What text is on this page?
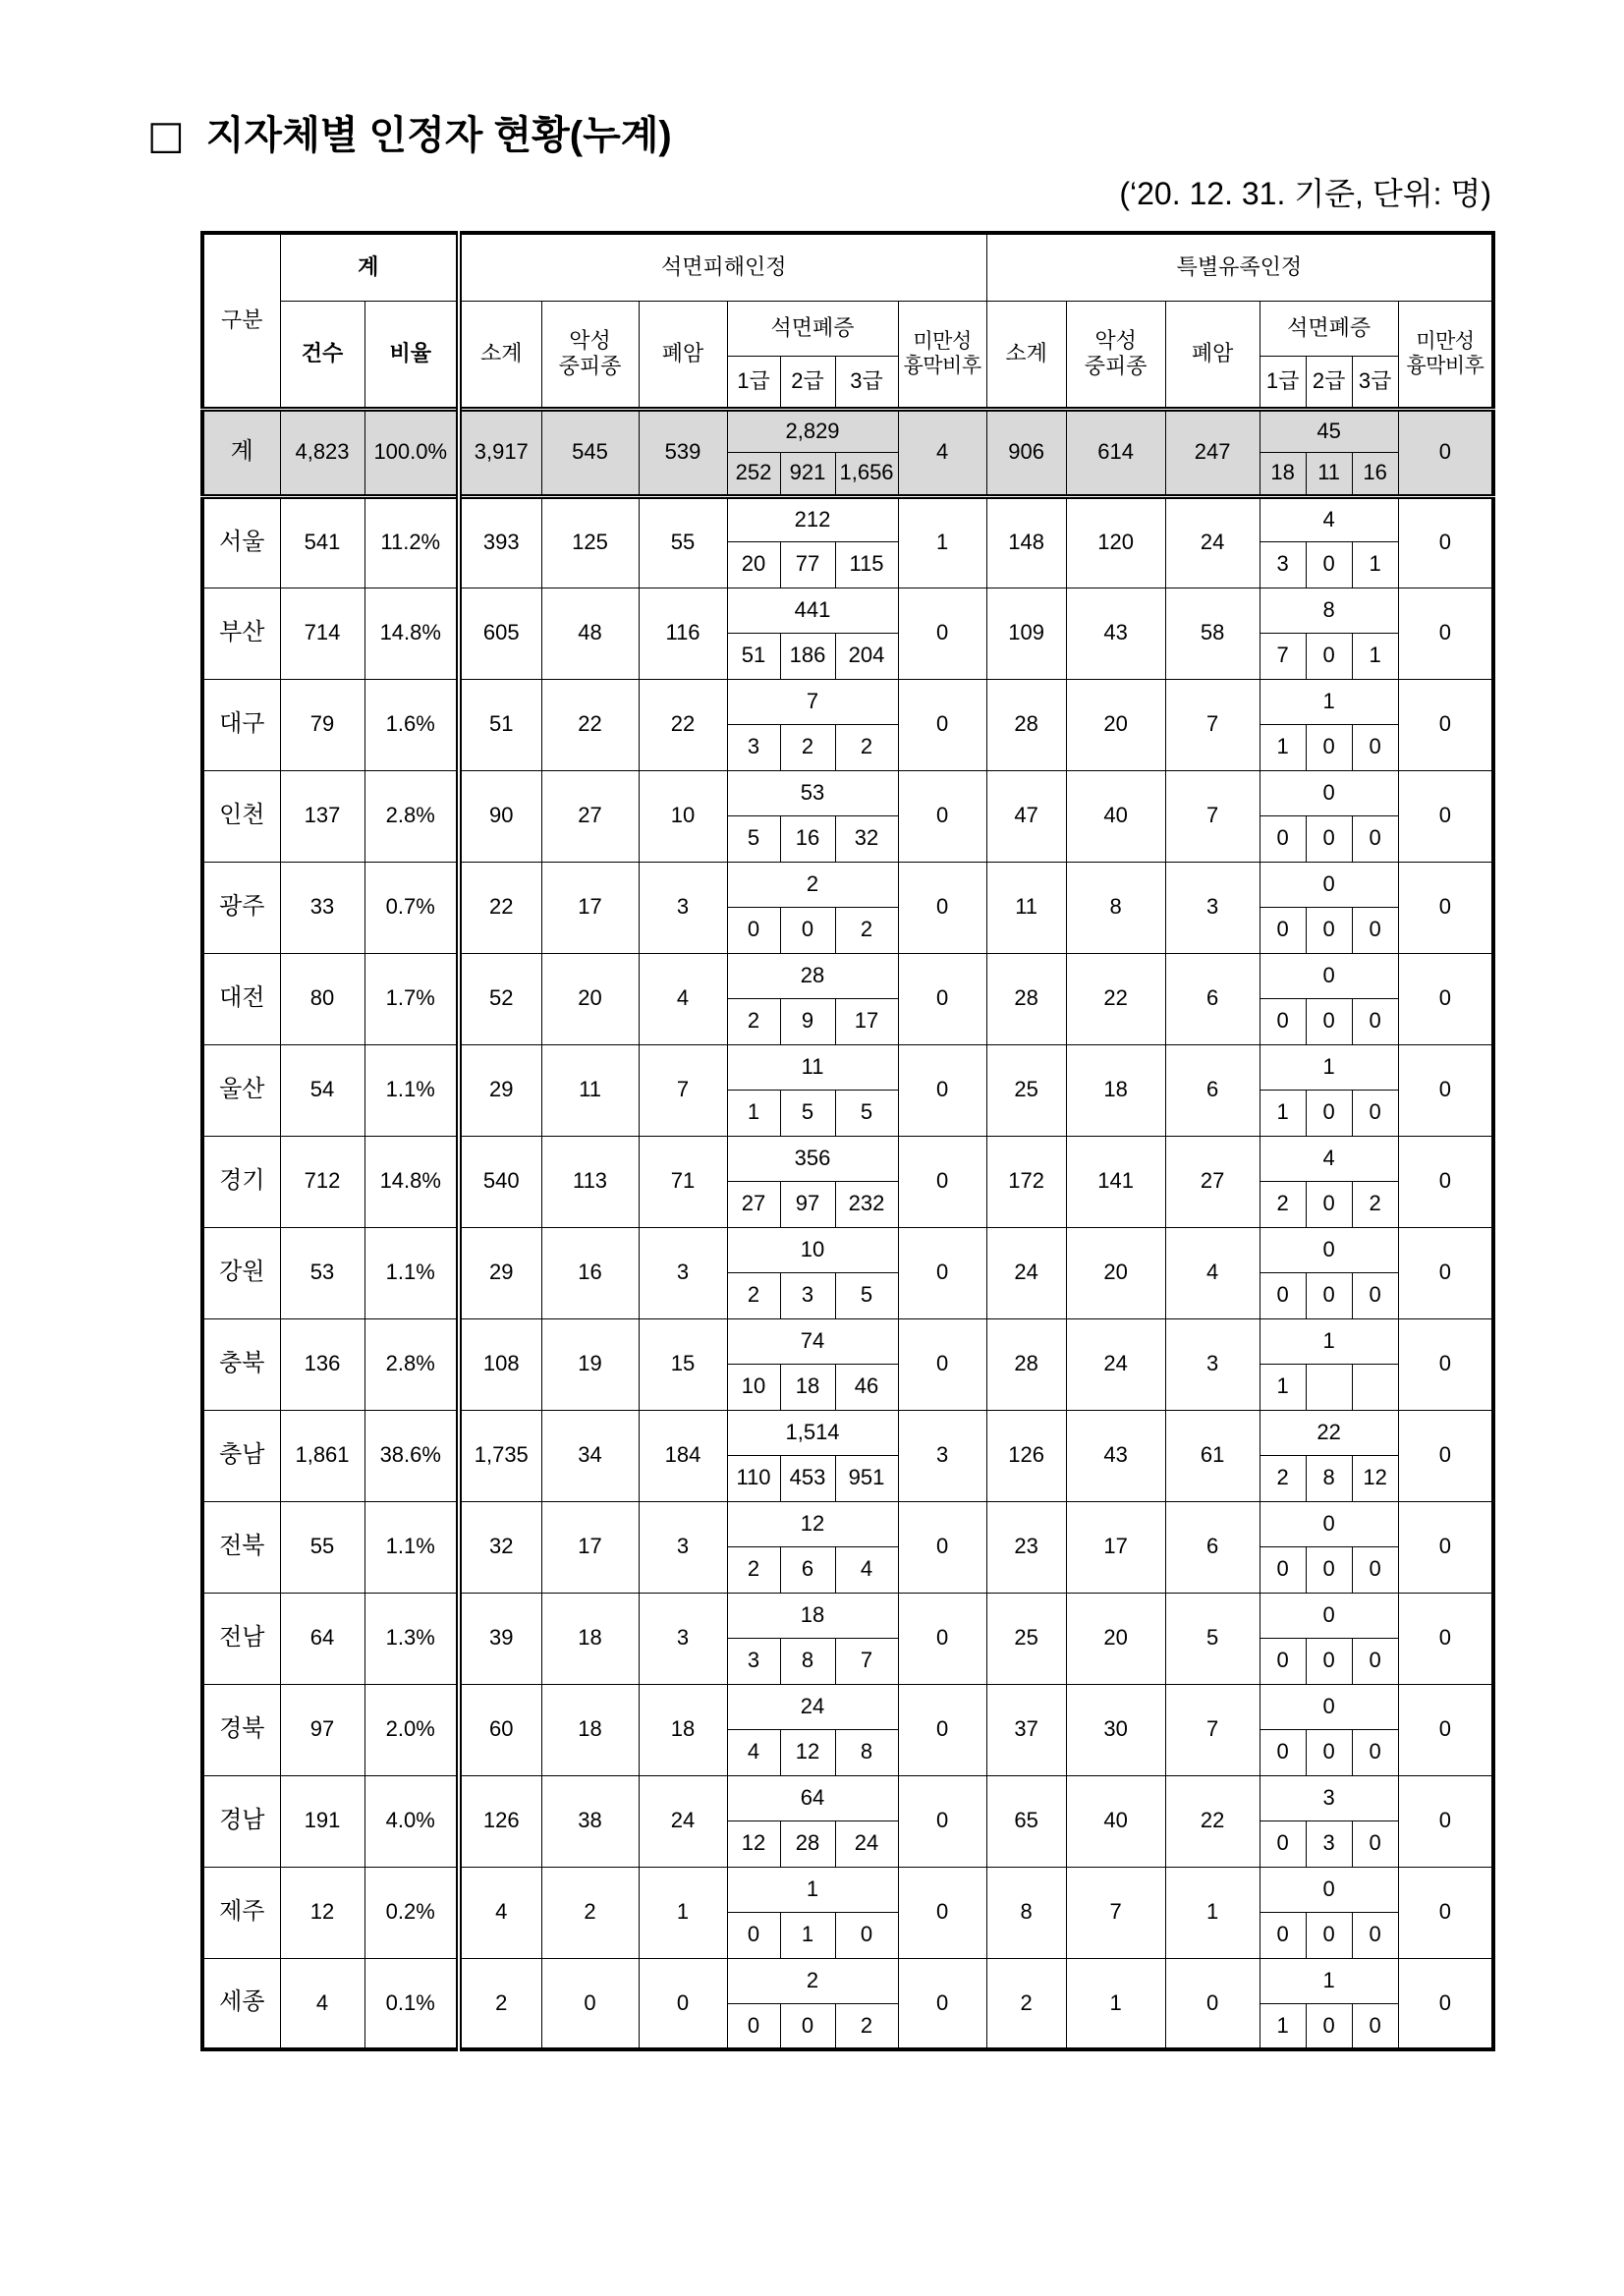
□ 지자체별 인정자 현황(누계)
(‘20. 12. 31. 기준, 단위: 명)
구분	계		석면피해인정							특별유족인정						
	건수	비율	소계	악성
중피종	폐암	석면폐증			미만성
흉막비후	소계	악성
중피종	폐암	석면폐증			미만성
흉막비후
						1급	2급	3급					1급	2급	3급	
계	4,823	100.0%	3,917	545	539	2,829			4	906	614	247	45			0
						252	921	1,656					18	11	16	
서울	541	11.2%	393	125	55	212			1	148	120	24	4			0
						20	77	115					3	0	1	
부산	714	14.8%	605	48	116	441			0	109	43	58	8			0
						51	186	204					7	0	1	
대구	79	1.6%	51	22	22	7			0	28	20	7	1			0
						3	2	2					1	0	0	
인천	137	2.8%	90	27	10	53			0	47	40	7	0			0
						5	16	32					0	0	0	
광주	33	0.7%	22	17	3	2			0	11	8	3	0			0
						0	0	2					0	0	0	
대전	80	1.7%	52	20	4	28			0	28	22	6	0			0
						2	9	17					0	0	0	
울산	54	1.1%	29	11	7	11			0	25	18	6	1			0
						1	5	5					1	0	0	
경기	712	14.8%	540	113	71	356			0	172	141	27	4			0
						27	97	232					2	0	2	
강원	53	1.1%	29	16	3	10			0	24	20	4	0			0
						2	3	5					0	0	0	
충북	136	2.8%	108	19	15	74			0	28	24	3	1			0
						10	18	46					1			
충남	1,861	38.6%	1,735	34	184	1,514			3	126	43	61	22			0
						110	453	951					2	8	12	
전북	55	1.1%	32	17	3	12			0	23	17	6	0			0
						2	6	4					0	0	0	
전남	64	1.3%	39	18	3	18			0	25	20	5	0			0
						3	8	7					0	0	0	
경북	97	2.0%	60	18	18	24			0	37	30	7	0			0
						4	12	8					0	0	0	
경남	191	4.0%	126	38	24	64			0	65	40	22	3			0
						12	28	24					0	3	0	
제주	12	0.2%	4	2	1	1			0	8	7	1	0			0
						0	1	0					0	0	0	
세종	4	0.1%	2	0	0	2			0	2	1	0	1			0
						0	0	2					1	0	0	
